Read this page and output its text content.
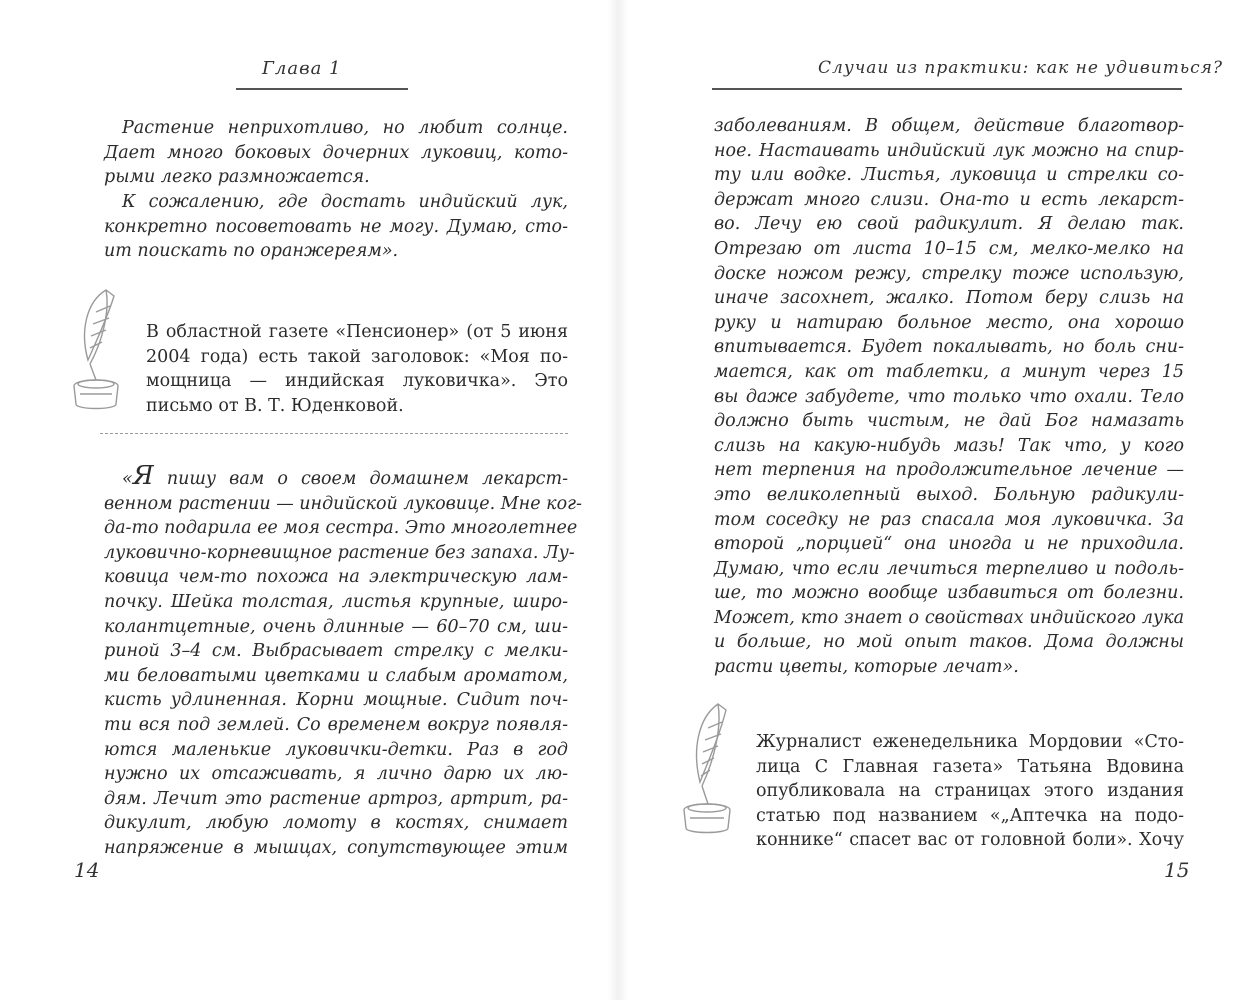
Глава 1
Растение неприхотливо, но любит солнце.
Дает много боковых дочерних луковиц, кото-
рыми легко размножается.
К сожалению, где достать индийский лук,
конкретно посоветовать не могу. Думаю, сто-
ит поискать по оранжереям».
В областной газете «Пенсионер» (от 5 июня
2004 года) есть такой заголовок: «Моя по-
мощница — индийская луковичка». Это
письмо от В. Т. Юденковой.
«Я пишу вам о своем домашнем лекарст-
венном растении — индийской луковице. Мне ког-
да-то подарила ее моя сестра. Это многолетнее
луковично-корневищное растение без запаха. Лу-
ковица чем-то похожа на электрическую лам-
почку. Шейка толстая, листья крупные, широ-
колантцетные, очень длинные — 60–70 см, ши-
риной 3–4 см. Выбрасывает стрелку с мелки-
ми беловатыми цветками и слабым ароматом,
кисть удлиненная. Корни мощные. Сидит поч-
ти вся под землей. Со временем вокруг появля-
ются маленькие луковички-детки. Раз в год
нужно их отсаживать, я лично дарю их лю-
дям. Лечит это растение артроз, артрит, ра-
дикулит, любую ломоту в костях, снимает
напряжение в мышцах, сопутствующее этим
14
Случаи из практики: как не удивиться?
заболеваниям. В общем, действие благотвор-
ное. Настаивать индийский лук можно на спир-
ту или водке. Листья, луковица и стрелки со-
держат много слизи. Она-то и есть лекарст-
во. Лечу ею свой радикулит. Я делаю так.
Отрезаю от листа 10–15 см, мелко-мелко на
доске ножом режу, стрелку тоже использую,
иначе засохнет, жалко. Потом беру слизь на
руку и натираю больное место, она хорошо
впитывается. Будет покалывать, но боль сни-
мается, как от таблетки, а минут через 15
вы даже забудете, что только что охали. Тело
должно быть чистым, не дай Бог намазать
слизь на какую-нибудь мазь! Так что, у кого
нет терпения на продолжительное лечение —
это великолепный выход. Больную радикули-
том соседку не раз спасала моя луковичка. За
второй „порцией“ она иногда и не приходила.
Думаю, что если лечиться терпеливо и подоль-
ше, то можно вообще избавиться от болезни.
Может, кто знает о свойствах индийского лука
и больше, но мой опыт таков. Дома должны
расти цветы, которые лечат».
Журналист еженедельника Мордовии «Сто-
лица С Главная газета» Татьяна Вдовина
опубликовала на страницах этого издания
статью под названием «„Аптечка на подо-
коннике“ спасет вас от головной боли». Хочу
15
